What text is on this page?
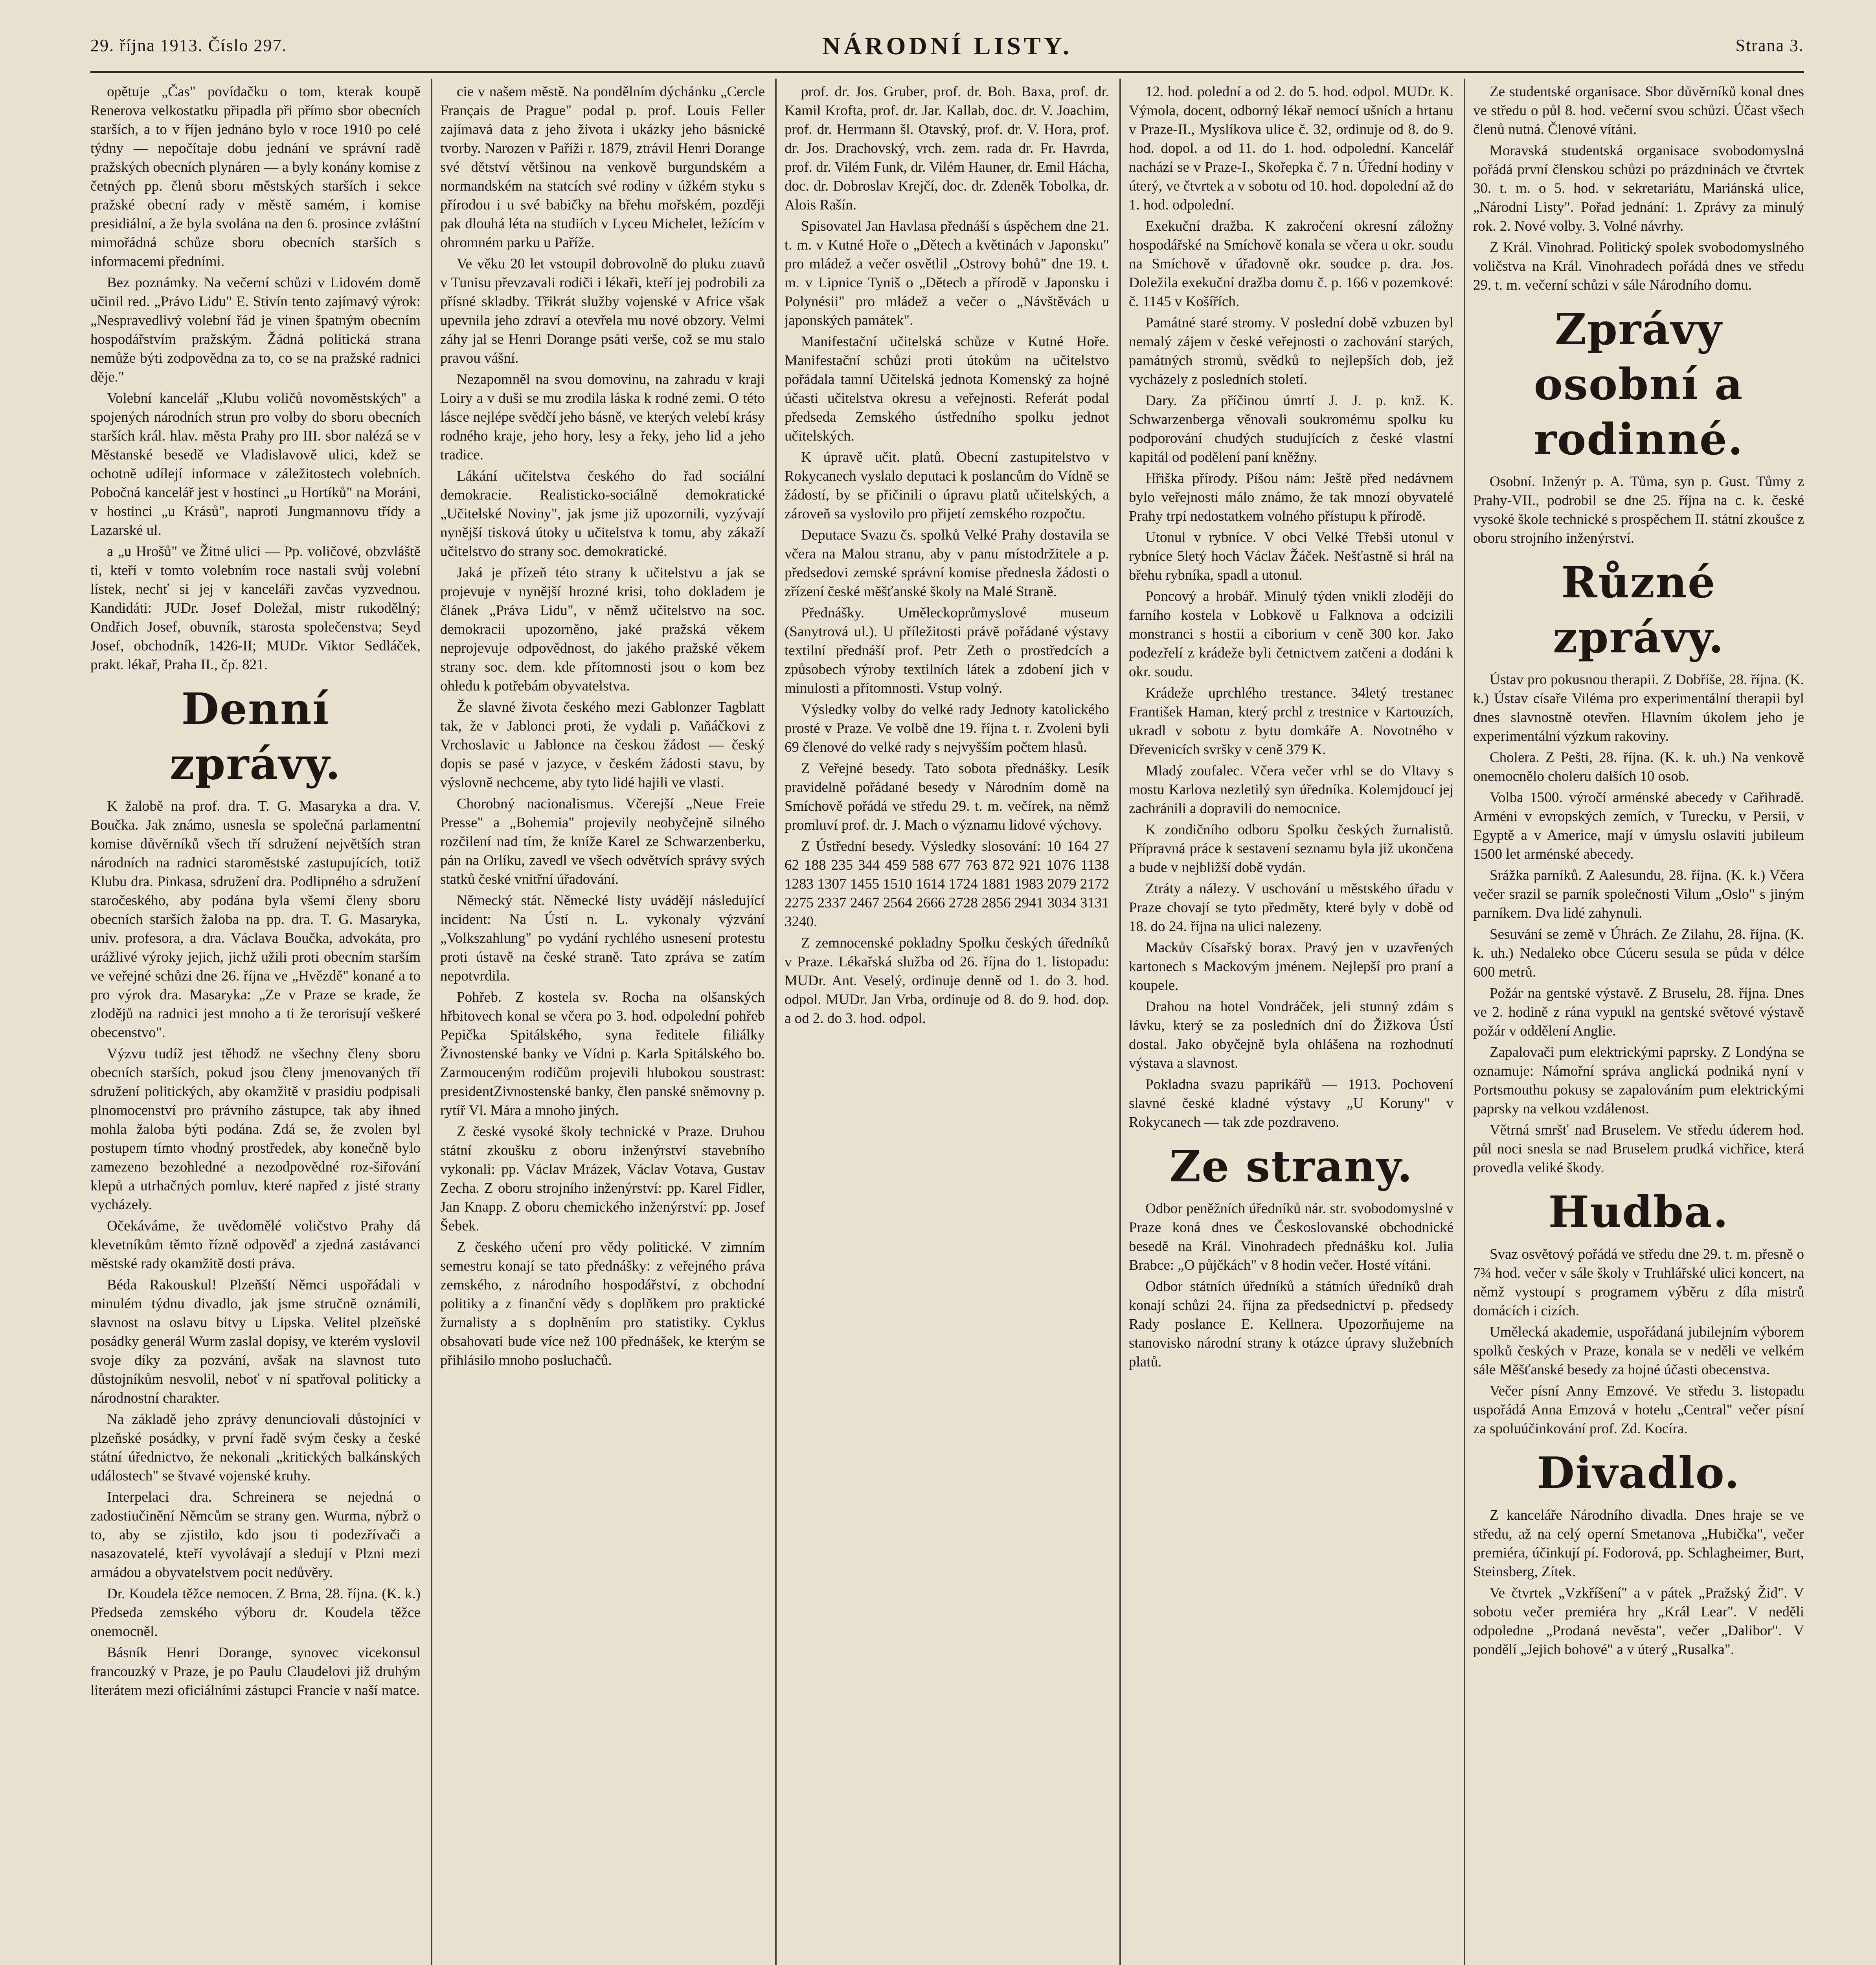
29. října 1913. Číslo 297.	NÁRODNÍ LISTY.	Strana 3.

opětuje „Čas" povídačku o tom, kterak koupě Renerova velkostatku připadla při přímo sbor obecních starších, a to v říjen jednáno bylo v roce 1910 po celé týdny — nepočítaje dobu jednání ve správní radě pražských obecních plynáren — a byly konány komise z četných pp. členů sboru městských starších i sekce pražské obecní rady v městě samém, i komise presidiální, a že byla svolána na den 6. prosince zvláštní mimořádná schůze sboru obecních starších s informacemi předními.

Bez poznámky. Na večerní schůzi v Lidovém domě učinil red. „Právo Lidu" E. Stivín tento zajímavý výrok: „Nespravedlivý volební řád je vinen špatným obecním hospodářstvím pražským. Žádná politická strana nemůže býti zodpovědna za to, co se na pražské radnici děje."

Volební kancelář „Klubu voličů novoměstských" a spojených národních strun pro volby do sboru obecních starších král. hlav. města Prahy pro III. sbor nalézá se v Městanské besedě ve Vladislavově ulici, kdež se ochotně udílejí informace v záležitostech volebních. Pobočná kancelář jest v hostinci „u Hortíků" na Moráni, v hostinci „u Krásů", naproti Jungmannovu třídy a Lazarské ul.

a „u Hrošů" ve Žitné ulici — Pp. voličové, obzvláště ti, kteří v tomto volebním roce nastali svůj volební lístek, nechť si jej v kanceláři zavčas vyzvednou. Kandidáti: JUDr. Josef Doležal, mistr rukodělný; Ondřich Josef, obuvník, starosta společenstva; Seyd Josef, obchodník, 1426-II; MUDr. Viktor Sedláček, prakt. lékař, Praha II., čp. 821.

Denní zprávy.

K žalobě na prof. dra. T. G. Masaryka a dra. V. Boučka. Jak známo, usnesla se společná parlamentní komise důvěrníků všech tří sdružení největších stran národních na radnici staroměstské zastupujících, totiž Klubu dra. Pinkasa, sdružení dra. Podlipného a sdružení staročeského, aby podána byla všemi členy sboru obecních starších žaloba na pp. dra. T. G. Masaryka, univ. profesora, a dra. Václava Boučka, advokáta, pro urážlivé výroky jejich, jichž užili proti obecním starším ve veřejné schůzi dne 26. října ve „Hvězdě" konané a to pro výrok dra. Masaryka: „Ze v Praze se krade, že zlodějů na radnici jest mnoho a ti že terorisují veškeré obecenstvo".

Výzvu tudíž jest těhodž ne všechny členy sboru obecních starších, pokud jsou členy jmenovaných tří sdružení politických, aby okamžitě v prasidiu podpisali plnomocenství pro právního zástupce, tak aby ihned mohla žaloba býti podána. Zdá se, že zvolen byl postupem tímto vhodný prostředek, aby konečně bylo zamezeno bezohledné a nezodpovědné roz-šiřování klepů a utrhačných pomluv, které napřed z jisté strany vycházely.

Očekáváme, že uvědomělé voličstvo Prahy dá klevetníkům těmto řízně odpověď a zjedná zastávanci městské rady okamžitě dosti práva.

Béda Rakouskul! Plzeňští Němci uspořádali v minulém týdnu divadlo, jak jsme stručně oznámili, slavnost na oslavu bitvy u Lipska. Velitel plzeňské posádky generál Wurm zaslal dopisy, ve kterém vyslovil svoje díky za pozvání, avšak na slavnost tuto důstojníkům nesvolil, neboť v ní spatřoval politicky a národnostní charakter.

Na základě jeho zprávy denunciovali důstojníci v plzeňské posádky, v první řadě svým česky a české státní úřednictvo, že nekonali „kritických balkánských událostech" se štvavé vojenské kruhy.

Interpelaci dra. Schreinera se nejedná o zadostiučinění Němcům se strany gen. Wurma, nýbrž o to, aby se zjistilo, kdo jsou ti podezřívači a nasazovatelé, kteří vyvolávají a sledují v Plzni mezi armádou a obyvatelstvem pocit nedůvěry.

Dr. Koudela těžce nemocen. Z Brna, 28. října. (K. k.) Předseda zemského výboru dr. Koudela těžce onemocněl.

Básník Henri Dorange, synovec vicekonsul francouzký v Praze, je po Paulu Claudelovi již druhým literátem mezi oficiálními zástupci Francie v naší matce.

cie v našem městě. Na pondělním dýchánku „Cercle Français de Prague" podal p. prof. Louis Feller zajímavá data z jeho života i ukázky jeho básnické tvorby. Narozen v Paříži r. 1879, ztrávil Henri Dorange své dětství většinou na venkově burgundském a normandském na statcích své rodiny v úžkém styku s přírodou i u své babičky na břehu mořském, později pak dlouhá léta na studiích v Lyceu Michelet, ležícím v ohromném parku u Paříže.

Ve věku 20 let vstoupil dobrovolně do pluku zuavů v Tunisu převzavali rodiči i lékaři, kteří jej podrobili za přísné skladby. Třikrát služby vojenské v Africe však upevnila jeho zdraví a otevřela mu nové obzory. Velmi záhy jal se Henri Dorange psáti verše, což se mu stalo pravou vášní.

Nezapomněl na svou domovinu, na zahradu v kraji Loiry a v duši se mu zrodila láska k rodné zemi. O této lásce nejlépe svědčí jeho básně, ve kterých velebí krásy rodného kraje, jeho hory, lesy a řeky, jeho lid a jeho tradice.

Lákání učitelstva českého do řad sociální demokracie. Realisticko-sociálně demokratické „Učitelské Noviny", jak jsme již upozornili, vyzývají nynější tisková útoky u učitelstva k tomu, aby zákaží učitelstvo do strany soc. demokratické.

Jaká je přízeň této strany k učitelstvu a jak se projevuje v nynější hrozné krisi, toho dokladem je článek „Práva Lidu", v němž učitelstvo na soc. demokracii upozorněno, jaké pražská věkem neprojevuje odpovědnost, do jakého pražské věkem strany soc. dem. kde přítomnosti jsou o kom bez ohledu k potřebám obyvatelstva.

Že slavné života českého mezi Gablonzer Tagblatt tak, že v Jablonci proti, že vydali p. Vaňáčkovi z Vrchoslavic u Jablonce na českou žádost — český dopis se pasé v jazyce, v českém žádosti stavu, by výslovně nechceme, aby tyto lidé hajili ve vlasti.

Chorobný nacionalismus. Včerejší „Neue Freie Presse" a „Bohemia" projevily neobyčejně silného rozčilení nad tím, že kníže Karel ze Schwarzenberku, pán na Orlíku, zavedl ve všech odvětvích správy svých statků české vnitřní úřadování.

Německý stát. Německé listy uvádějí následující incident: Na Ústí n. L. vykonaly výzvání „Volkszahlung" po vydání rychlého usnesení protestu proti ústavě na české straně. Tato zpráva se zatím nepotvrdila.

Pohřeb. Z kostela sv. Rocha na olšanských hřbitovech konal se včera po 3. hod. odpolední pohřeb Pepička Spitálského, syna ředitele filiálky Živnostenské banky ve Vídni p. Karla Spitálského bo. Zarmouceným rodičům projevili hlubokou soustrast: presidentZivnostenské banky, člen panské sněmovny p. rytíř Vl. Mára a mnoho jiných.

Z české vysoké školy technické v Praze. Druhou státní zkoušku z oboru inženýrství stavebního vykonali: pp. Václav Mrázek, Václav Votava, Gustav Zecha. Z oboru strojního inženýrství: pp. Karel Fidler, Jan Knapp. Z oboru chemického inženýrství: pp. Josef Šebek.

Z českého učení pro vědy politické. V zimním semestru konají se tato přednášky: z veřejného práva zemského, z národního hospodářství, z obchodní politiky a z finanční vědy s doplňkem pro praktické žurnalisty a s doplněním pro statistiky. Cyklus obsahovati bude více než 100 přednášek, ke kterým se přihlásilo mnoho posluchačů.

prof. dr. Jos. Gruber, prof. dr. Boh. Baxa, prof. dr. Kamil Krofta, prof. dr. Jar. Kallab, doc. dr. V. Joachim, prof. dr. Herrmann šl. Otavský, prof. dr. V. Hora, prof. dr. Jos. Drachovský, vrch. zem. rada dr. Fr. Havrda, prof. dr. Vilém Funk, dr. Vilém Hauner, dr. Emil Háchа, doc. dr. Dobroslav Krejčí, doc. dr. Zdeněk Tobolka, dr. Alois Rašín.

Spisovatel Jan Havlasa přednáší s úspěchem dne 21. t. m. v Kutné Hoře o „Dětech a květinách v Japonsku" pro mládež a večer osvětlil „Ostrovy bohů" dne 19. t. m. v Lipnice Tyniš o „Dětech a přírodě v Japonsku i Polynésii" pro mládež a večer o „Návštěvách u japonských památek".

Manifestační učitelská schůze v Kutné Hoře. Manifestační schůzi proti útokům na učitelstvo pořádala tamní Učitelská jednota Komenský za hojné účasti učitelstva okresu a veřejnosti. Referát podal předseda Zemského ústředního spolku jednot učitelských.

K úpravě učit. platů. Obecní zastupitelstvo v Rokycanech vyslalo deputaci k poslancům do Vídně se žádostí, by se přičinili o úpravu platů učitelských, a zároveň sa vyslovilo pro přijetí zemského rozpočtu.

Deputace Svazu čs. spolků Velké Prahy dostavila se včera na Malou stranu, aby v panu místodržitele a p. předsedovi zemské správní komise přednesla žádosti o zřízení české měšťanské školy na Malé Straně.

Přednášky. Uměleckoprůmyslové museum (Sanytrová ul.). U příležitosti právě pořádané výstavy textilní přednáší prof. Petr Zeth o prostředcích a způsobech výroby textilních látek a zdobení jich v minulosti a přítomnosti. Vstup volný.

Výsledky volby do velké rady Jednoty katolického prosté v Praze. Ve volbě dne 19. října t. r. Zvoleni byli 69 členové do velké rady s nejvyšším počtem hlasů.

Z Veřejné besedy. Tato sobota přednášky. Lesík pravidelně pořádané besedy v Národním domě na Smíchově pořádá ve středu 29. t. m. večírek, na němž promluví prof. dr. J. Mach o významu lidové výchovy.

Z Ústřední besedy. Výsledky slosování: 10 164 27 62 188 235 344 459 588 677 763 872 921 1076 1138 1283 1307 1455 1510 1614 1724 1881 1983 2079 2172 2275 2337 2467 2564 2666 2728 2856 2941 3034 3131 3240.

Z zemnocenské pokladny Spolku českých úředníků v Praze. Lékařská služba od 26. října do 1. listopadu: MUDr. Ant. Veselý, ordinuje denně od 1. do 3. hod. odpol. MUDr. Jan Vrba, ordinuje od 8. do 9. hod. dop. a od 2. do 3. hod. odpol.

12. hod. polední a od 2. do 5. hod. odpol. MUDr. K. Výmola, docent, odborný lékař nemocí ušních a hrtanu v Praze-II., Myslíkova ulice č. 32, ordinuje od 8. do 9. hod. dopol. a od 11. do 1. hod. odpolední. Kancelář nachází se v Praze-I., Skořepka č. 7 n. Úřední hodiny v úterý, ve čtvrtek a v sobotu od 10. hod. dopolední až do 1. hod. odpolední.

Exekuční dražba. K zakročení okresní záložny hospodářské na Smíchově konala se včera u okr. soudu na Smíchově v úřadovně okr. soudce p. dra. Jos. Doležila exekuční dražba domu č. p. 166 v pozemkové: č. 1145 v Košířích.

Památné staré stromy. V poslední době vzbuzen byl nemalý zájem v české veřejnosti o zachování starých, památných stromů, svědků to nejlepších dob, jež vycházely z posledních století.

Dary. Za příčinou úmrtí J. J. p. knž. K. Schwarzenberga věnovali soukromému spolku ku podporování chudých studujících z české vlastní kapitál od podělení paní kněžny.

Hřiška přírody. Píšou nám: Ještě před nedávnem bylo veřejnosti málo známo, že tak mnozí obyvatelé Prahy trpí nedostatkem volného přístupu k přírodě.

Utonul v rybníce. V obci Velké Třebši utonul v rybníce 5letý hoch Václav Žáček. Nešťastně si hrál na břehu rybníka, spadl a utonul.

Poncový a hrobář. Minulý týden vnikli zloději do farního kostela v Lobkově u Falknova a odcizili monstranci s hostii a ciborium v ceně 300 kor. Jako podezřelí z krádeže byli četnictvem zatčeni a dodáni k okr. soudu.

Krádeže uprchlého trestance. 34letý trestanec František Haman, který prchl z trestnice v Kartouzích, ukradl v sobotu z bytu domkáře A. Novotného v Dřevenicích svršky v ceně 379 K.

Mladý zoufalec. Včera večer vrhl se do Vltavy s mostu Karlova nezletilý syn úředníka. Kolemjdoucí jej zachránili a dopravili do nemocnice.

K zondičního odboru Spolku českých žurnalistů. Přípravná práce k sestavení seznamu byla již ukončena a bude v nejbližší době vydán.

Ztráty a nálezy. V uschování u městského úřadu v Praze chovají se tyto předměty, které byly v době od 18. do 24. října na ulici nalezeny.

Mackův Císařský borax. Pravý jen v uzavřených kartonech s Mackovým jménem. Nejlepší pro praní a koupele.

Drahou na hotel Vondráček, jeli stunný zdám s lávku, který se za posledních dní do Žižkova Ústí dostal. Jako obyčejně byla ohlášena na rozhodnutí výstava a slavnost.

Pokladna svazu paprikářů — 1913. Pochovení slavné české kladné výstavy „U Koruny" v Rokycanech — tak zde pozdraveno.

Ze strany.

Odbor peněžních úředníků nár. str. svobodomyslné v Praze koná dnes ve Českoslovanské obchodnické besedě na Král. Vinohradech přednášku kol. Julia Brabce: „O půjčkách" v 8 hodin večer. Hosté vítáni.

Odbor státních úředníků a státních úředníků drah konají schůzi 24. října za předsednictví p. předsedy Rady poslance E. Kellnera. Upozorňujeme na stanovisko národní strany k otázce úpravy služebních platů.

Ze studentské organisace. Sbor důvěrníků konal dnes ve středu o půl 8. hod. večerní svou schůzi. Účast všech členů nutná. Členové vítáni.

Moravská studentská organisace svobodomyslná pořádá první členskou schůzi po prázdninách ve čtvrtek 30. t. m. o 5. hod. v sekretariátu, Mariánská ulice, „Národní Listy". Pořad jednání: 1. Zprávy za minulý rok. 2. Nové volby. 3. Volné návrhy.

Z Král. Vinohrad. Politický spolek svobodomyslného voličstva na Král. Vinohradech pořádá dnes ve středu 29. t. m. večerní schůzi v sále Národního domu.

Zprávy osobní a rodinné.

Osobní. Inženýr p. A. Tůma, syn p. Gust. Tůmy z Prahy-VII., podrobil se dne 25. října na c. k. české vysoké škole technické s prospěchem II. státní zkoušce z oboru strojního inženýrství.

Různé zprávy.

Ústav pro pokusnou therapii. Z Dobříše, 28. října. (K. k.) Ústav císaře Viléma pro experimentální therapii byl dnes slavnostně otevřen. Hlavním úkolem jeho je experimentální výzkum rakoviny.

Cholera. Z Pešti, 28. října. (K. k. uh.) Na venkově onemocnělo choleru dalších 10 osob.

Volba 1500. výročí arménské abecedy v Cařihradě. Arméni v evropských zemích, v Turecku, v Persii, v Egyptě a v Americe, mají v úmyslu oslaviti jubileum 1500 let arménské abecedy.

Srážka parníků. Z Aalesundu, 28. října. (K. k.) Včera večer srazil se parník společnosti Vilum „Oslo" s jiným parníkem. Dva lidé zahynuli.

Sesuvání se země v Úhrách. Ze Zilahu, 28. října. (K. k. uh.) Nedaleko obce Cúceru sesula se půda v délce 600 metrů.

Požár na gentské výstavě. Z Bruselu, 28. října. Dnes ve 2. hodině z rána vypukl na gentské světové výstavě požár v oddělení Anglie.

Zapalovači pum elektrickými paprsky. Z Londýna se oznamuje: Námořní správa anglická podniká nyní v Portsmouthu pokusy se zapalováním pum elektrickými paprsky na velkou vzdálenost.

Větrná smršť nad Bruselem. Ve středu úderem hod. půl noci snesla se nad Bruselem prudká vichřice, která provedla veliké škody.

Hudba.

Svaz osvětový pořádá ve středu dne 29. t. m. přesně o 7¾ hod. večer v sále školy v Truhlářské ulici koncert, na němž vystoupí s programem výběru z díla mistrů domácích i cizích.

Umělecká akademie, uspořádaná jubilejním výborem spolků českých v Praze, konala se v neděli ve velkém sále Měšťanské besedy za hojné účasti obecenstva.

Večer písní Anny Emzové. Ve středu 3. listopadu uspořádá Anna Emzová v hotelu „Central" večer písní za spoluúčinkování prof. Zd. Kocíra.

Divadlo.

Z kanceláře Národního divadla. Dnes hraje se ve středu, až na celý operní Smetanova „Hubička", večer premiéra, účinkují pí. Fodorová, pp. Schlagheimer, Burt, Steinsberg, Zítek.

Ve čtvrtek „Vzkříšení" a v pátek „Pražský Žid". V sobotu večer premiéra hry „Král Lear". V neděli odpoledne „Prodaná nevěsta", večer „Dalibor". V pondělí „Jejich bohové" a v úterý „Rusalka".
